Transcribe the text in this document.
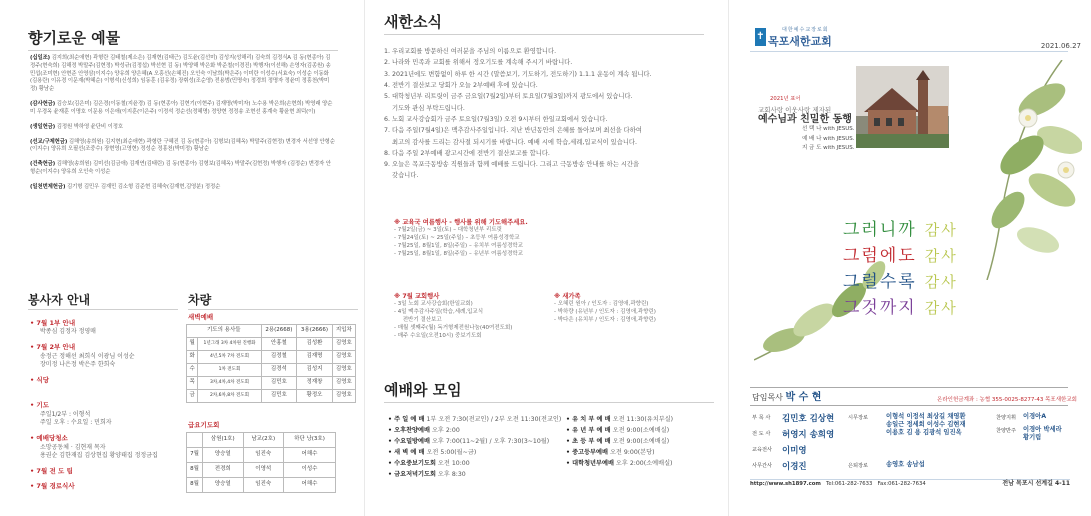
향기로운 예물

(십일조) 김지희(최순애현) 곽형란 김태철(제소은) 김재현(김태근) 김도윤(김선미) 김성지(성해리) 김숙희 김정식A 김 동(현종아) 김정주(현숙희) 김해정 박말주(김현정) 박성규(김정섭) 박선현 김 동) 박양해 박은화 박준철(이경진) 박행자(이선해) 손영자(김종원) 송민섭(조미현) 안현준 안영삼(이지수) 양유희 양은혜(A 오흥선(손혜진) 오인숙 이남희(박은주) 이미란 이성수(서효숙) 이성순 이동화(김용란) 이유경 이문재(박혜순) 이형석(신성희) 임동훈 (김유정) 장휘성(조순영) 전용범(민명숙) 정경희 정명자 정윤미 정흥천(박미정) 황남순

(감사헌금) 김승보(김은미) 김은경(이동철(지윤경) 김 동(현종아) 김현기(이현주) 김재명(박미자) 노수용 박은희(손현희) 박영래 양순미 우경옥 윤재훈 이명호 이문용 이은애(이지훈(이은주) 이정석 정순선(정혜명) 정양현 정정송 조현선 홍계숙 황윤현 최덕(이)

(생일헌금) 김정원 박하영 윤단비 이정호

(선교/구제헌금) 김해영(송희원) 김지현(최순애현) 곽형란 구혜진 김 동(현종아) 김형보(김혜옥) 박말주(김현정) 변경자 서선영 안형순(이지수) 양유희 오필선(조중수) 장현영(고영현) 정성순 정흥천(박미정) 황남순

(건축헌금) 김해영(송희원) 김미선(김금애) 김재연(김태린) 김 동(현종아) 김형보(김혜옥) 박말주(김현정) 박행자 (김정순) 변경자 안형순(이지수) 양유희 오인숙 이성순

(일천번제헌금) 김기형 김민우 김재민 김소형 김준현 김혜숙(김재현,김영분) 정정순

봉사자 안내
• 7월 1부 안내
박종심 김정자 정영매
• 7월 2부 안내
송정근 정해선 최희식 이광님 이성순
장미정 나은정 박은주 한희숙
• 식당
• 기도
주일1/2부 : 이형석
주일 오후 : 수요일 : 민희자
• 예배당청소
소망공동체 · 김현재 목자
용권순 김한재집 김상현집 황양태집 정정금집
• 7월 전 도 팀
• 7월 경로식사
차량
새벽예배
기도의 용사들		2용(2668)	3용(2666)	지입차
월	1년그래 3차 4차원 진행화	안홍철	김성환	김영호
화	4년,5차 7차 전도회	김정철	김재명	김영호
수	1차 전도회	김경석	김성지	김영호
목	3차,4차,4차 전도회	김민호	정재창	김영호
금	2차,6차,8차 전도회	김민호	황정오	김영호
급요기도회
	삼원(1호)	남교(2호)	하단 낭(3호)
7월	양승열	임진숙	어해수
8월	전경희	이영석	이성수
8월	양승열	임진숙	어해수
새한소식
1. 우리교회를 방문하신 여러분을 주님의 이름으로 환영합니다.
2. 나라와 민족과 교회를 위해서 정오기도를 계속해 주시기 바랍니다.
3. 2021년에도 변함없이 하루 한 시간 (말씀보기, 기도하기, 전도하기) 1.1.1 운동이 계속 됩니다.
4. 전반기 결산보고 당회가 오늘 2부예배 후에 있습니다.
5. 대학청년부 리트릿이 금주 금요일(7월2일)부터 토요일(7월3일)까지 광도에서 있습니다.
기도와 관심 부탁드립니다.
6. 노회 교사강습회가 금주 토요일(7월3일) 오전 9시부터 한일교회에서 있습니다.
7. 다음 주일(7월4일)은 맥추감사주일입니다. 지난 반년동안의 은혜를 돌아보며 최선을 다하여
최고의 감사를 드리는 감사절 되시기를 바랍니다. 예배 시에 학습,세례,입교식이 있습니다.
8. 다음 주일 2부예배 광고시간에 전반기 결산보고를 합니다.
9. 오늘은 목포극동방송 직원들과 함께 예배를 드립니다. 그리고 극동방송 안내를 하는 시간을
갖습니다.
※ 교육국 여름행사 - 행사를 위해 기도해주세요.
- 7월2일(금) ~ 3일(토) – 대학청년부 리트릿
- 7월24일(토) ~ 25일(주일) – 초등부 여름성경학교
- 7월25일, 8월1일, 8일(주일) – 유치부 여름성경학교
- 7월25일, 8월1일, 8일(주일) – 유년부 여름성경학교
※ 7월 교회행사
- 3일 노회 교사강습회(한일교회)
- 4일 맥추감사주일(학습,세례,입교식
전반기 결산보고
- 매월 셋째주(월) 독거형제전원나눔(40여전도회)
- 매주 수요일(오전10시) 중보기도회
※ 새가족
- 오혜린 원아 / 인도자 : 김영애,곽향린)
- 박하량 (유년부 / 인도자 : 김영애,곽향린)
- 박다은 (유치부 / 인도자 : 김영애,곽향린)
예배와 모임
온라인헌금계좌 : 농협 355-0025-8277-43 목포새한교회
• 주 일 예 배 1부 오전 7:30(전교인) / 2부 오전 11:30(전교인) • 유 치 부 예 배 오전 11:30(유치부실)
• 오후찬양예배 오후 2:00	• 유 년 부 예 배 오전 9:00(소예배실)
• 수요밀방예배 오후 7:00(11~2월) / 오후 7:30(3~10월)	• 초 등 부 예 배 오전 9:00(소예배실)
• 새 벽 예 배 오전 5:00(월~금)	• 중고등부예배 오전 9:00(본당)
• 수요중보기도회 오전 10:00	• 대학청년부예배 오후 2:00(소예배실)
• 금요저녁기도회 오후 8:30
✝
대한예수교장로회
목포새한교회	2021.06.27
2021년 표어
교회사랑 이웃사랑 제자된
예수님과 친밀한 동행
선 택 나 with JESUS.
예 배 나 with JESUS.
지 금 도 with JESUS.
그러니까 감사
그럼에도 감사
그럴수록 감사
그것까지 감사
담임목사 박 수 현
부 목 사 김민호 김상현
전 도 사 허영지 송희영
교육전사 이미영
사무간사 이경진
시무장로	이형석 이정석 최상길 채영환
송일근 정세희 이성수 김현재
이용호 김 용 김광석 임진옥
은퇴장로	송영호 송남섭
찬양지휘 이경아A
찬양반주 이경아 박세라
황기림
http://www.sh1897.com Tel:061-282-7633 Fax:061-282-7634	전남 목포시 선계길 4-11
